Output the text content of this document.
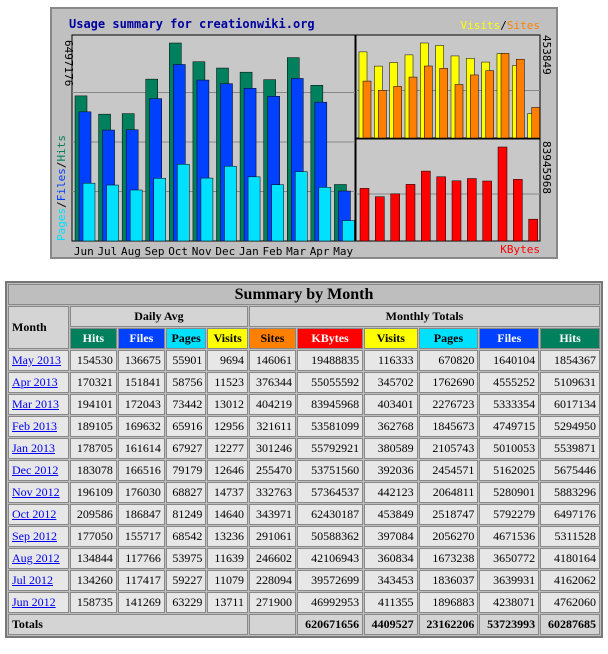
Usage summary for creationwiki.org	Visits/Sites
Jun Jul Aug Sep Oct Nov Dec Jan Feb Mar Apr May
6497176	453849
83945968
Pages/Files/Hits
KBytes
Summary by Month										
Month	Daily Avg				Monthly Totals					
	Hits	Files	Pages	Visits	Sites	KBytes	Visits	Pages	Files	Hits
May 2013	154530	136675	55901	9694	146061	19488835	116333	670820	1640104	1854367
Apr 2013	170321	151841	58756	11523	376344	55055592	345702	1762690	4555252	5109631
Mar 2013	194101	172043	73442	13012	404219	83945968	403401	2276723	5333354	6017134
Feb 2013	189105	169632	65916	12956	321611	53581099	362768	1845673	4749715	5294950
Jan 2013	178705	161614	67927	12277	301246	55792921	380589	2105743	5010053	5539871
Dec 2012	183078	166516	79179	12646	255470	53751560	392036	2454571	5162025	5675446
Nov 2012	196109	176030	68827	14737	332763	57364537	442123	2064811	5280901	5883296
Oct 2012	209586	186847	81249	14640	343971	62430187	453849	2518747	5792279	6497176
Sep 2012	177050	155717	68542	13236	291061	50588362	397084	2056270	4671536	5311528
Aug 2012	134844	117766	53975	11639	246602	42106943	360834	1673238	3650772	4180164
Jul 2012	134260	117417	59227	11079	228094	39572699	343453	1836037	3639931	4162062
Jun 2012	158735	141269	63229	13711	271900	46992953	411355	1896883	4238071	4762060
Totals						620671656	4409527	23162206	53723993	60287685
